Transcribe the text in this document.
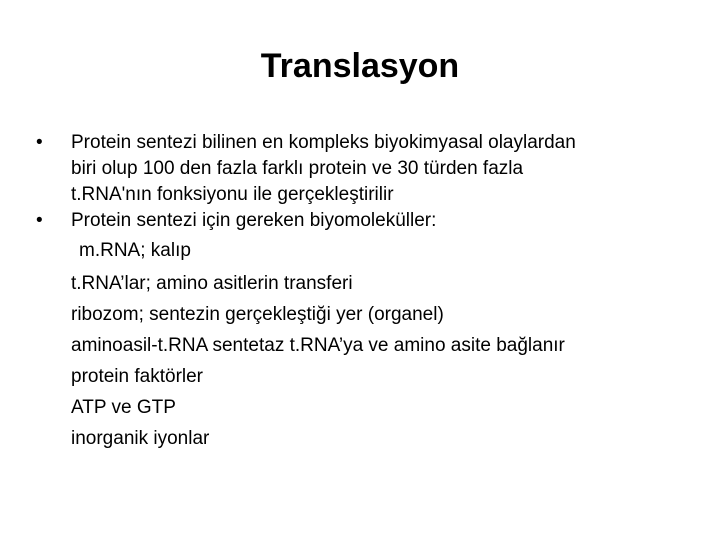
Translasyon
•	Protein sentezi bilinen en kompleks biyokimyasal olaylardan
biri olup 100 den fazla farklı protein ve 30 türden fazla
t.RNA'nın fonksiyonu ile gerçekleştirilir
•	Protein sentezi için gereken biyomoleküller:
m.RNA; kalıp
t.RNA’lar; amino asitlerin transferi
ribozom; sentezin gerçekleştiği yer (organel)
aminoasil-t.RNA sentetaz t.RNA’ya ve amino asite bağlanır
protein faktörler
ATP ve GTP
inorganik iyonlar
